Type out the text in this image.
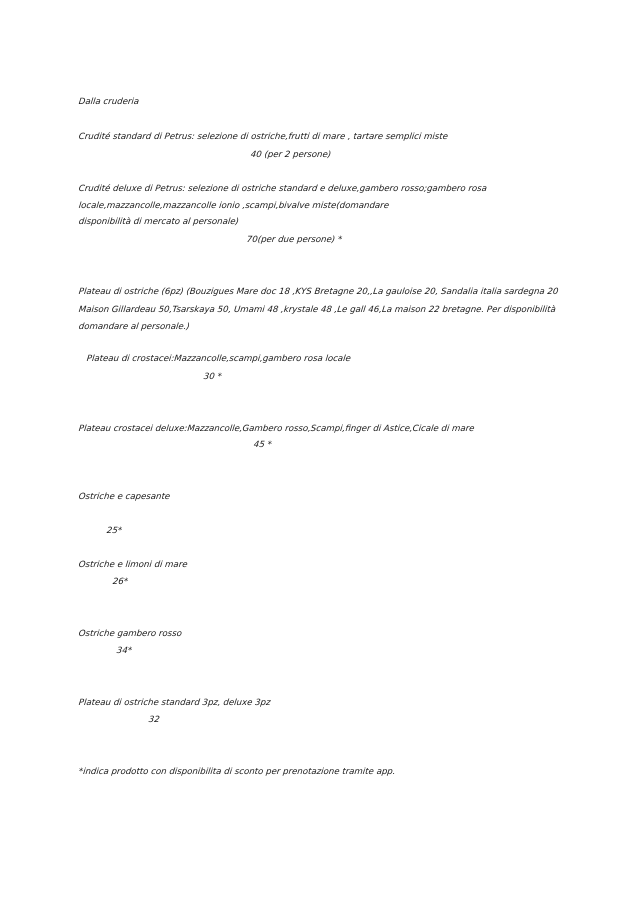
Dalla cruderia
Crudité standard di Petrus: selezione di ostriche,frutti di mare , tartare semplici miste
40 (per 2 persone)
Crudité deluxe di Petrus: selezione di ostriche standard e deluxe,gambero rosso;gambero rosa
locale,mazzancolle,mazzancolle ionio ,scampi,bivalve miste(domandare
disponibilità di mercato al personale)
70(per due persone) *
Plateau di ostriche (6pz) (Bouzigues Mare doc 18 ,KYS Bretagne 20,,La gauloise 20, Sandalia italia sardegna 20
Maison Gillardeau 50,Tsarskaya 50, Umami 48 ,krystale 48 ,Le gall 46,La maison 22 bretagne. Per disponibilità
domandare al personale.)
Plateau di crostacei:Mazzancolle,scampi,gambero rosa locale
30 *
Plateau crostacei deluxe:Mazzancolle,Gambero rosso,Scampi,finger di Astice,Cicale di mare
45 *
Ostriche e capesante
25*
Ostriche e limoni di mare
26*
Ostriche gambero rosso
34*
Plateau di ostriche standard 3pz, deluxe 3pz
32
*indica prodotto con disponibilita di sconto per prenotazione tramite app.
